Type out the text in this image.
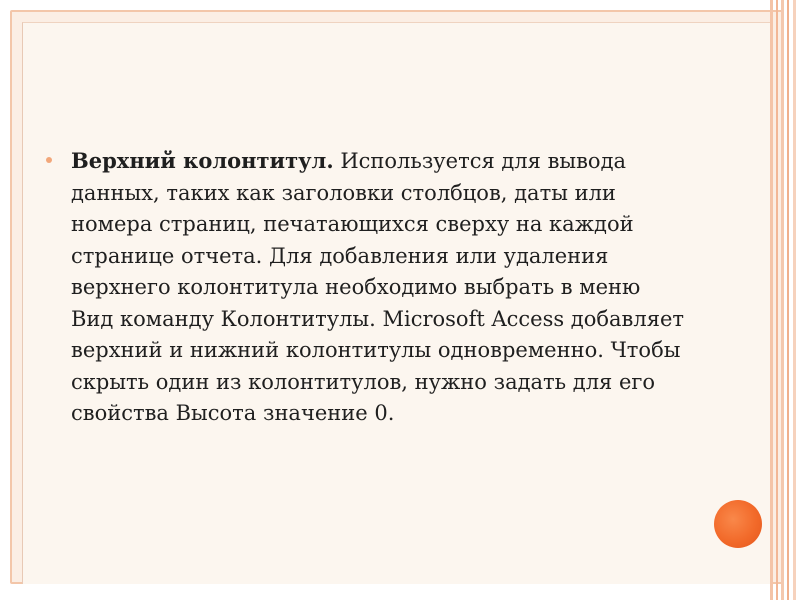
Верхний колонтитул. Используется для вывода данных, таких как заголовки столбцов, даты или номера страниц, печатающихся сверху на каждой странице отчета. Для добавления или удаления верхнего колонтитула необходимо выбрать в меню Вид команду Колонтитулы. Microsoft Access добавляет верхний и нижний колонтитулы одновременно. Чтобы скрыть один из колонтитулов, нужно задать для его свойства Высота значение 0.
